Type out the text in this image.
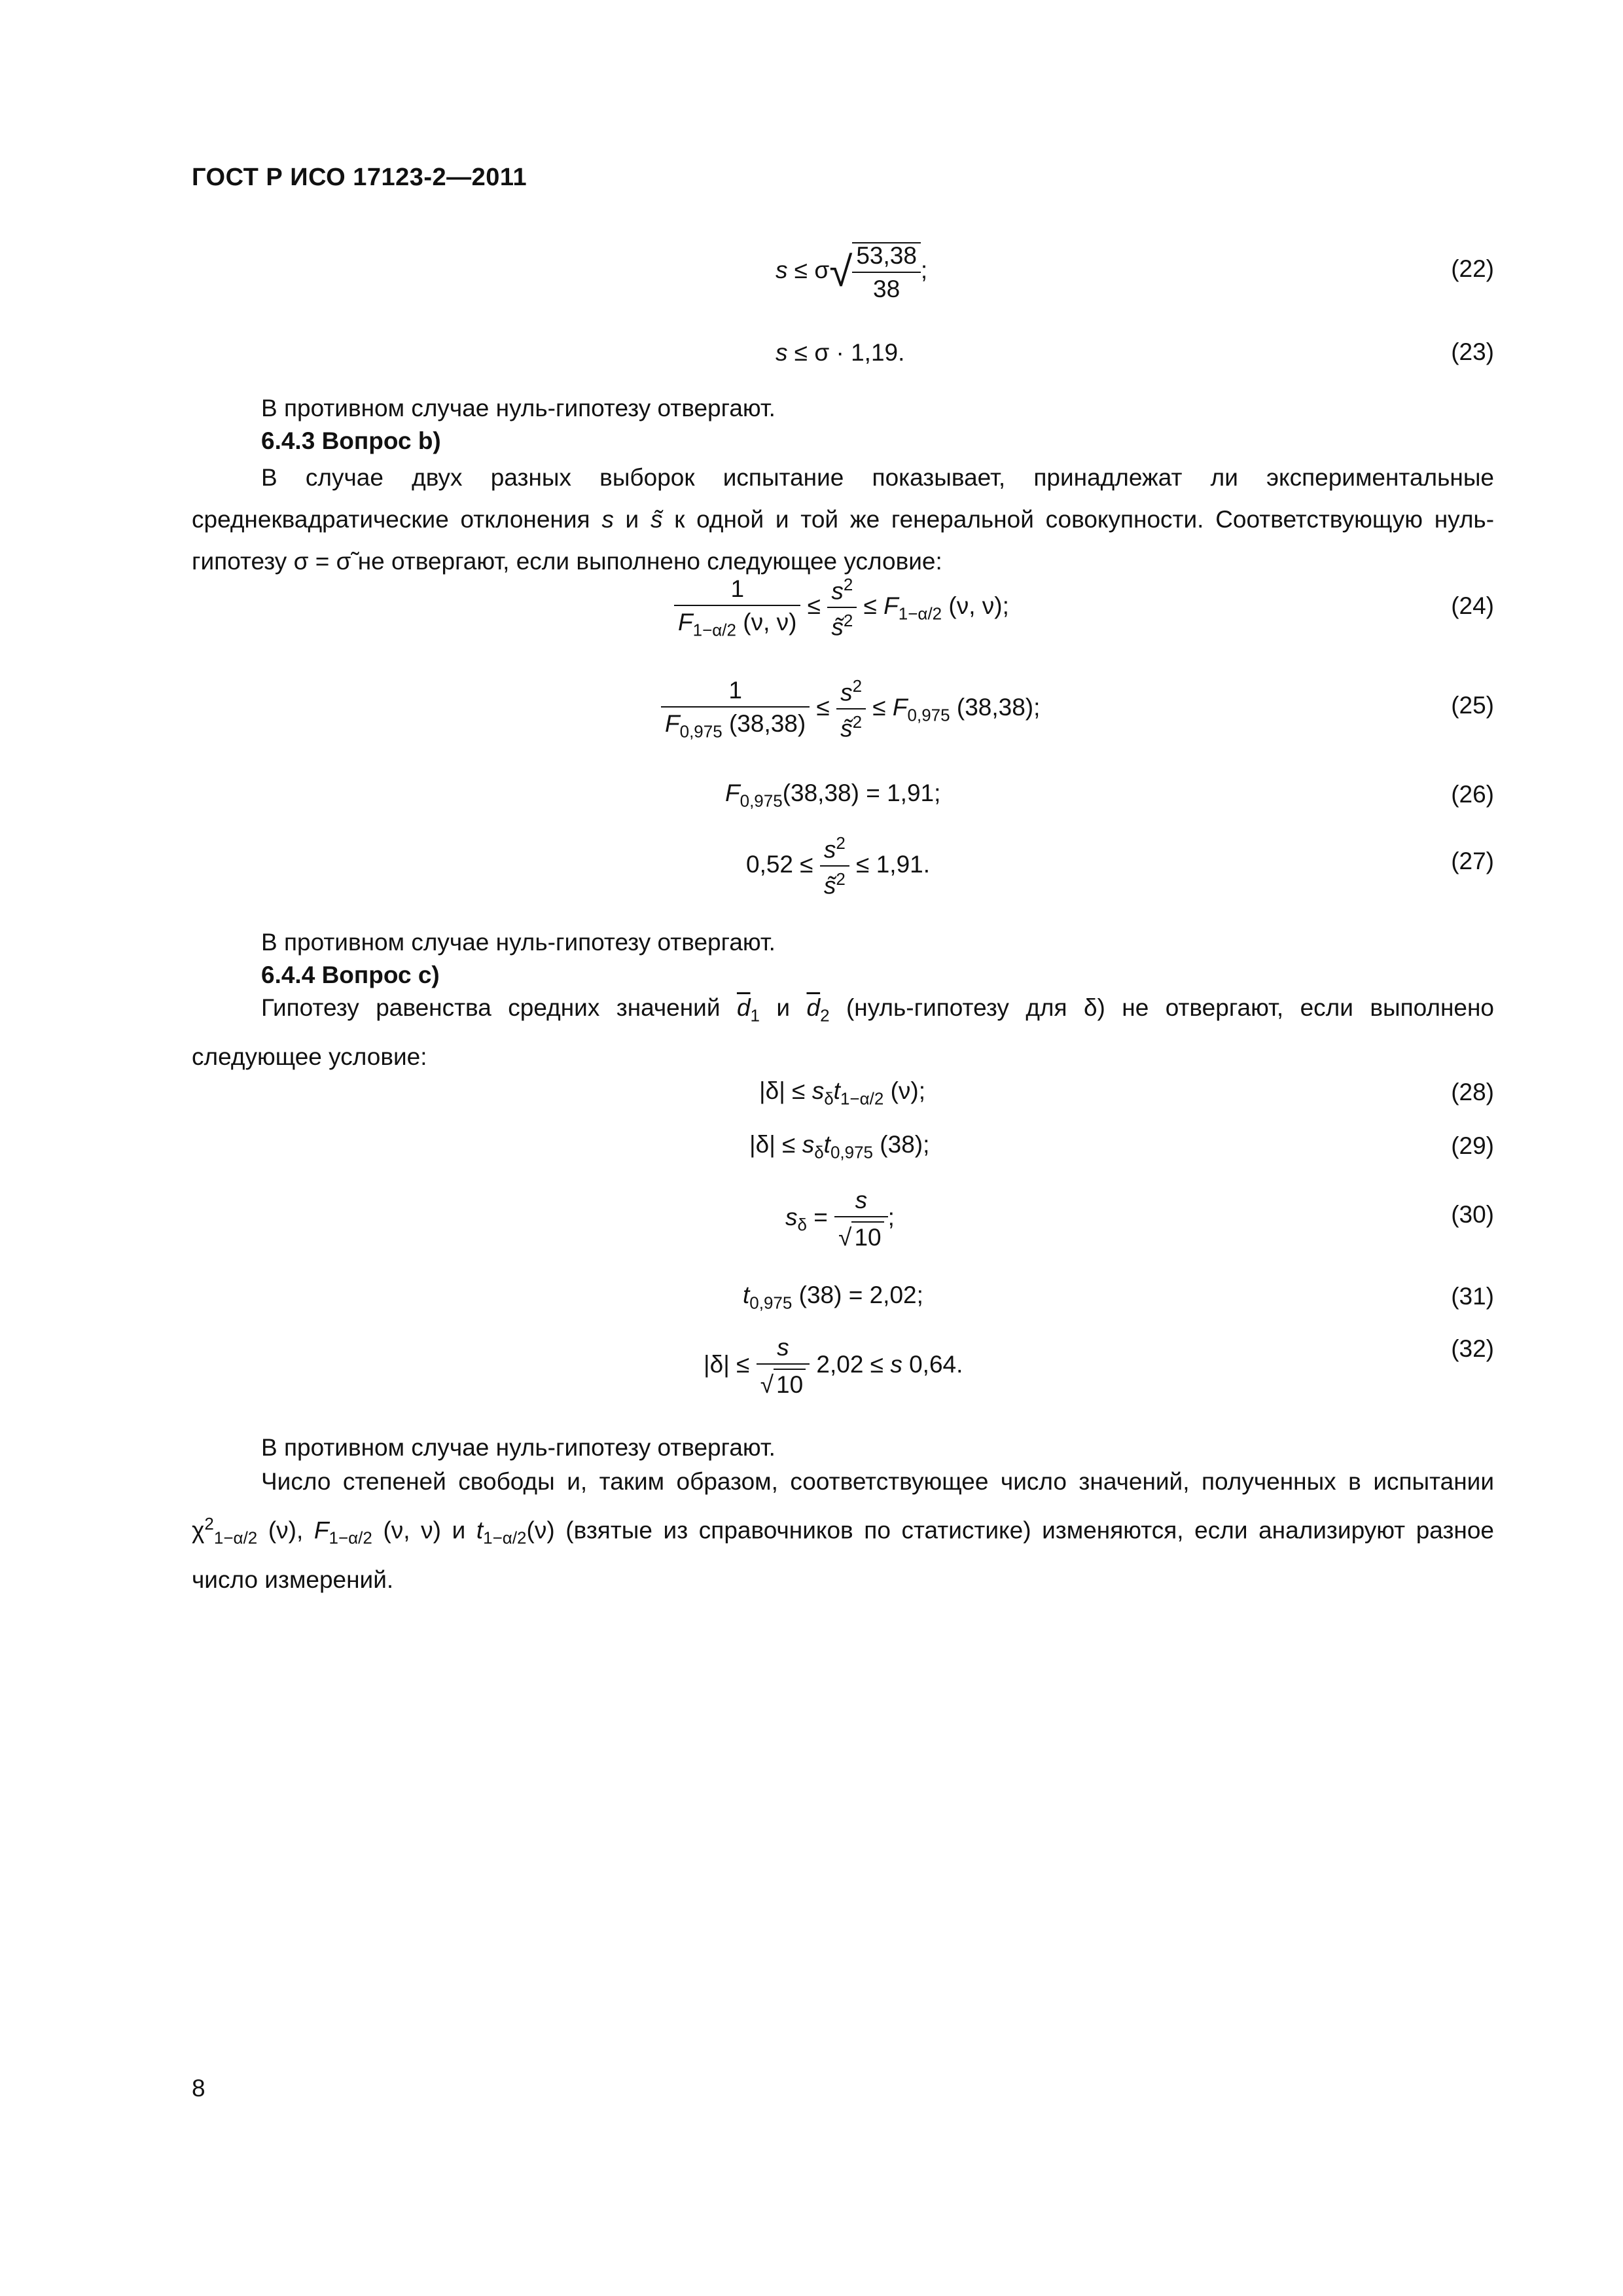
ГОСТ Р ИСО 17123-2—2011
$s \le \sigma√ \frac{53,38}{38}$ ;	(22)
s ≤ σ · 1,19.	(23)
В противном случае нуль-гипотезу отвергают.
6.4.3 Вопрос b)
В случае двух разных выборок испытание показывает, принадлежат ли экспериментальные среднеквадратические отклонения s и s̃ к одной и той же генеральной совокупности. Соответствующую нуль-гипотезу σ = σ̃ не отвергают, если выполнено следующее условие:
$\frac{1}{F_{1-\alpha/2} (\nu, \nu)} \le \frac{s^2}{s̃^2} \le F_{1-\alpha/2}$ (ν, ν);	(24)
$\frac{1}{F_{0,975} (38,38)} \le \frac{s^2}{s̃^2} \le F_{0,975}$ (38,38);	(25)
$F_{0,975}(38,38) = 1,91$;	(26)
$0,52 \le \frac{s^2}{s̃^2} \le 1,91$.	(27)
В противном случае нуль-гипотезу отвергают.
6.4.4 Вопрос c)
Гипотезу равенства средних значений $\overline{d}_1$ и $\overline{d}_2$ (нуль-гипотезу для δ) не отвергают, если выполнено следующее условие:
$|\delta| \le s_\delta t_{1-\alpha/2}$ (ν);	(28)
$|\delta| \le s_\delta t_{0,975}$ (38);	(29)
$s_\delta = \frac{s}{√ 10}$ ;	(30)
$t_{0,975}$ (38) = 2,02;	(31)
$|\delta| \le \frac{s}{√ 10} 2,02 \le s$ 0,64.
(32)
В противном случае нуль-гипотезу отвергают.
Число степеней свободы и, таким образом, соответствующее число значений, полученных в испытании $\chi^2_{1-\alpha/2}$ (ν), $F_{1-\alpha/2}$ (ν, ν) и $t_{1-\alpha/2}(\nu)$ (взятые из справочников по статистике) изменяются, если анализируют разное число измерений.
8
